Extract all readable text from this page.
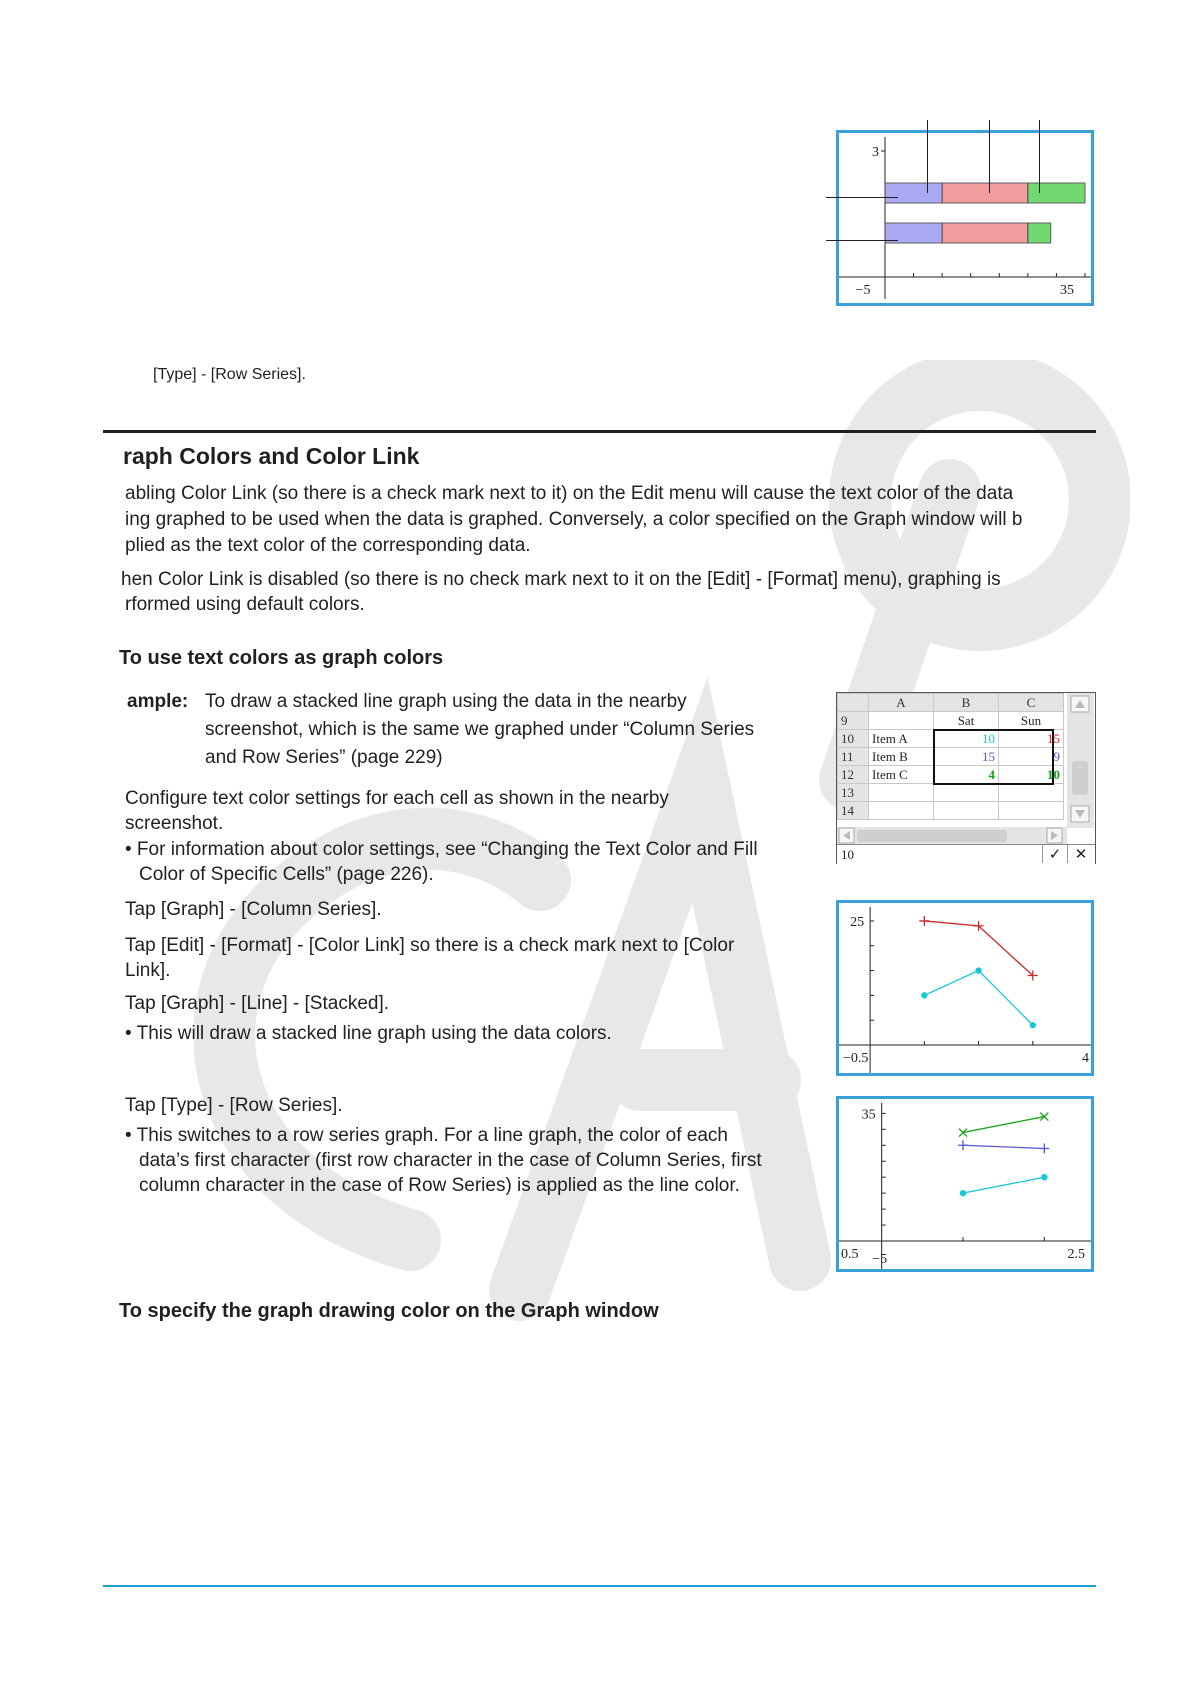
3
−5	35
[Type] - [Row Series].
raph Colors and Color Link
abling Color Link (so there is a check mark next to it) on the Edit menu will cause the text color of the data
ing graphed to be used when the data is graphed. Conversely, a color specified on the Graph window will b
plied as the text color of the corresponding data.
hen Color Link is disabled (so there is no check mark next to it on the [Edit] - [Format] menu), graphing is
rformed using default colors.
To use text colors as graph colors
ample: To draw a stacked line graph using the data in the nearby
screenshot, which is the same we graphed under “Column Series
and Row Series” (page 229)
Configure text color settings for each cell as shown in the nearby
screenshot.
• For information about color settings, see “Changing the Text Color and Fill
Color of Specific Cells” (page 226).
Tap [Graph] - [Column Series].
Tap [Edit] - [Format] - [Color Link] so there is a check mark next to [Color
Link].
Tap [Graph] - [Line] - [Stacked].
• This will draw a stacked line graph using the data colors.
Tap [Type] - [Row Series].
• This switches to a row series graph. For a line graph, the color of each
data’s first character (first row character in the case of Column Series, first
column character in the case of Row Series) is applied as the line color.
To specify the graph drawing color on the Graph window
	A	B	C
9		Sat	Sun
10	Item A	10	15
11	Item B	15	9
12	Item C	4	10
13			
14			
10	✓ ✕
25
−0.5	4
35
0.5 −5	2.5
